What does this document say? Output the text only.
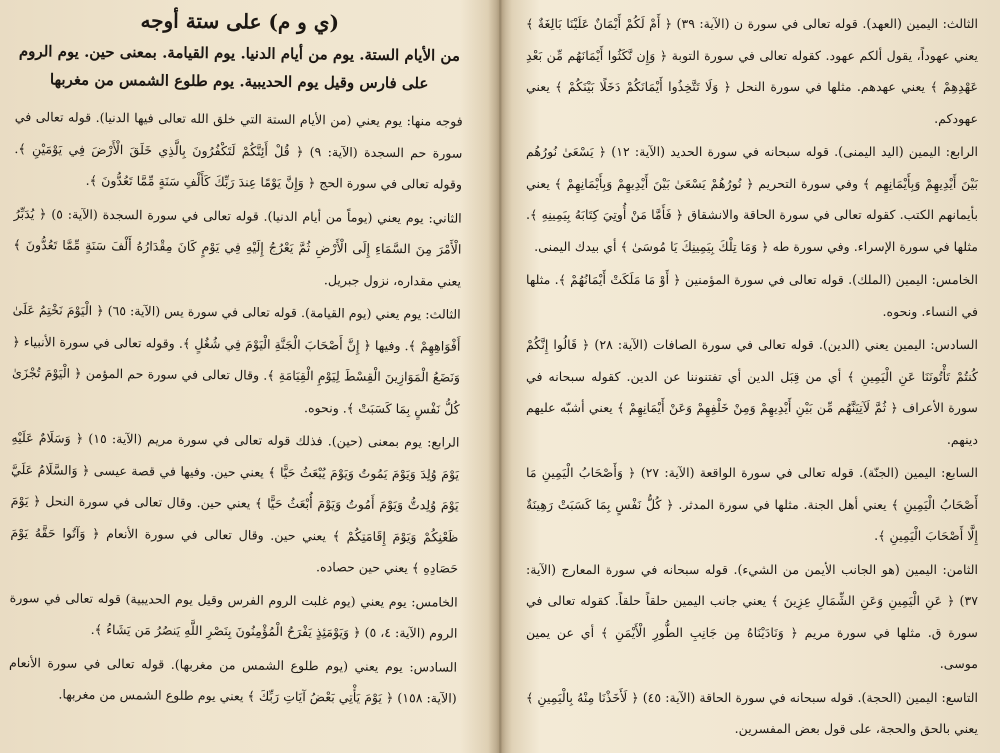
(ي و م) على ستة أوجه
من الأيام الستة. يوم من أيام الدنيا. يوم القيامة. بمعنى حين. يوم الروم على فارس وقيل يوم الحديبية. يوم طلوع الشمس من مغربها

فوجه منها: يوم يعني (من الأيام الستة التي خلق الله تعالى فيها الدنيا). قوله تعالى في سورة حم السجدة (الآية: ٩) ﴿ قُلْ أَئِنَّكُمْ لَتَكْفُرُونَ بِالَّذِي خَلَقَ الْأَرْضَ فِي يَوْمَيْنِ ﴾. وقوله تعالى في سورة الحج ﴿ وَإِنَّ يَوْمًا عِندَ رَبِّكَ كَأَلْفِ سَنَةٍ مِّمَّا تَعُدُّونَ ﴾.

الثاني: يوم يعني (يوماً من أيام الدنيا). قوله تعالى في سورة السجدة (الآية: ٥) ﴿ يُدَبِّرُ الْأَمْرَ مِنَ السَّمَاءِ إِلَى الْأَرْضِ ثُمَّ يَعْرُجُ إِلَيْهِ فِي يَوْمٍ كَانَ مِقْدَارُهُ أَلْفَ سَنَةٍ مِّمَّا تَعُدُّونَ ﴾ يعني مقداره، نزول جبريل.

الثالث: يوم يعني (يوم القيامة). قوله تعالى في سورة يس (الآية: ٦٥) ﴿ الْيَوْمَ نَخْتِمُ عَلَىٰ أَفْوَاهِهِمْ ﴾. وفيها ﴿ إِنَّ أَصْحَابَ الْجَنَّةِ الْيَوْمَ فِي شُغُلٍ ﴾. وقوله تعالى في سورة الأنبياء ﴿ وَنَضَعُ الْمَوَازِينَ الْقِسْطَ لِيَوْمِ الْقِيَامَةِ ﴾. وقال تعالى في سورة حم المؤمن ﴿ الْيَوْمَ تُجْزَىٰ كُلُّ نَفْسٍ بِمَا كَسَبَتْ ﴾. ونحوه.

الرابع: يوم بمعنى (حين). فذلك قوله تعالى في سورة مريم (الآية: ١٥) ﴿ وَسَلَامٌ عَلَيْهِ يَوْمَ وُلِدَ وَيَوْمَ يَمُوتُ وَيَوْمَ يُبْعَثُ حَيًّا ﴾ يعني حين. وفيها في قصة عيسى ﴿ وَالسَّلَامُ عَلَيَّ يَوْمَ وُلِدتُّ وَيَوْمَ أَمُوتُ وَيَوْمَ أُبْعَثُ حَيًّا ﴾ يعني حين. وقال تعالى في سورة النحل ﴿ يَوْمَ ظَعْنِكُمْ وَيَوْمَ إِقَامَتِكُمْ ﴾ يعني حين. وقال تعالى في سورة الأنعام ﴿ وَآتُوا حَقَّهُ يَوْمَ حَصَادِهِ ﴾ يعني حين حصاده.

الخامس: يوم يعني (يوم غلبت الروم الفرس وقيل يوم الحديبية) قوله تعالى في سورة الروم (الآية: ٤، ٥) ﴿ وَيَوْمَئِذٍ يَفْرَحُ الْمُؤْمِنُونَ بِنَصْرِ اللَّهِ يَنصُرُ مَن يَشَاءُ ﴾.

السادس: يوم يعني (يوم طلوع الشمس من مغربها). قوله تعالى في سورة الأنعام (الآية: ١٥٨) ﴿ يَوْمَ يَأْتِي بَعْضُ آيَاتِ رَبِّكَ ﴾ يعني يوم طلوع الشمس من مغربها.

الثالث: اليمين (العهد). قوله تعالى في سورة ن (الآية: ٣٩) ﴿ أَمْ لَكُمْ أَيْمَانٌ عَلَيْنَا بَالِغَةٌ ﴾ يعني عهوداً، يقول ألكم عهود. كقوله تعالى في سورة التوبة ﴿ وَإِن نَّكَثُوا أَيْمَانَهُم مِّن بَعْدِ عَهْدِهِمْ ﴾ يعني عهدهم. مثلها في سورة النحل ﴿ وَلَا تَتَّخِذُوا أَيْمَانَكُمْ دَخَلًا بَيْنَكُمْ ﴾ يعني عهودكم.

الرابع: اليمين (اليد اليمنى). قوله سبحانه في سورة الحديد (الآية: ١٢) ﴿ يَسْعَىٰ نُورُهُم بَيْنَ أَيْدِيهِمْ وَبِأَيْمَانِهِم ﴾ وفي سورة التحريم ﴿ نُورُهُمْ يَسْعَىٰ بَيْنَ أَيْدِيهِمْ وَبِأَيْمَانِهِمْ ﴾ يعني بأيمانهم الكتب. كقوله تعالى في سورة الحاقة والانشقاق ﴿ فَأَمَّا مَنْ أُوتِيَ كِتَابَهُ بِيَمِينِهِ ﴾. مثلها في سورة الإسراء. وفي سورة طه ﴿ وَمَا تِلْكَ بِيَمِينِكَ يَا مُوسَىٰ ﴾ أي بيدك اليمنى.

الخامس: اليمين (الملك). قوله تعالى في سورة المؤمنين ﴿ أَوْ مَا مَلَكَتْ أَيْمَانُهُمْ ﴾. مثلها في النساء. ونحوه.

السادس: اليمين يعني (الدين). قوله تعالى في سورة الصافات (الآية: ٢٨) ﴿ قَالُوا إِنَّكُمْ كُنتُمْ تَأْتُونَنَا عَنِ الْيَمِينِ ﴾ أي من قِبَل الدين أي تفتنوننا عن الدين. كقوله سبحانه في سورة الأعراف ﴿ ثُمَّ لَآتِيَنَّهُم مِّن بَيْنِ أَيْدِيهِمْ وَمِنْ خَلْفِهِمْ وَعَنْ أَيْمَانِهِمْ ﴾ يعني أشبّه عليهم دينهم.

السابع: اليمين (الجنّة). قوله تعالى في سورة الواقعة (الآية: ٢٧) ﴿ وَأَصْحَابُ الْيَمِينِ مَا أَصْحَابُ الْيَمِينِ ﴾ يعني أهل الجنة. مثلها في سورة المدثر. ﴿ كُلُّ نَفْسٍ بِمَا كَسَبَتْ رَهِينَةٌ إِلَّا أَصْحَابَ الْيَمِينِ ﴾.

الثامن: اليمين (هو الجانب الأيمن من الشيء). قوله سبحانه في سورة المعارج (الآية: ٣٧) ﴿ عَنِ الْيَمِينِ وَعَنِ الشِّمَالِ عِزِينَ ﴾ يعني جانب اليمين حلقاً حلقاً. كقوله تعالى في سورة ق. مثلها في سورة مريم ﴿ وَنَادَيْنَاهُ مِن جَانِبِ الطُّورِ الْأَيْمَنِ ﴾ أي عن يمين موسى.

التاسع: اليمين (الحجة). قوله سبحانه في سورة الحاقة (الآية: ٤٥) ﴿ لَأَخَذْنَا مِنْهُ بِالْيَمِينِ ﴾ يعني بالحق والحجة، على قول بعض المفسرين.
